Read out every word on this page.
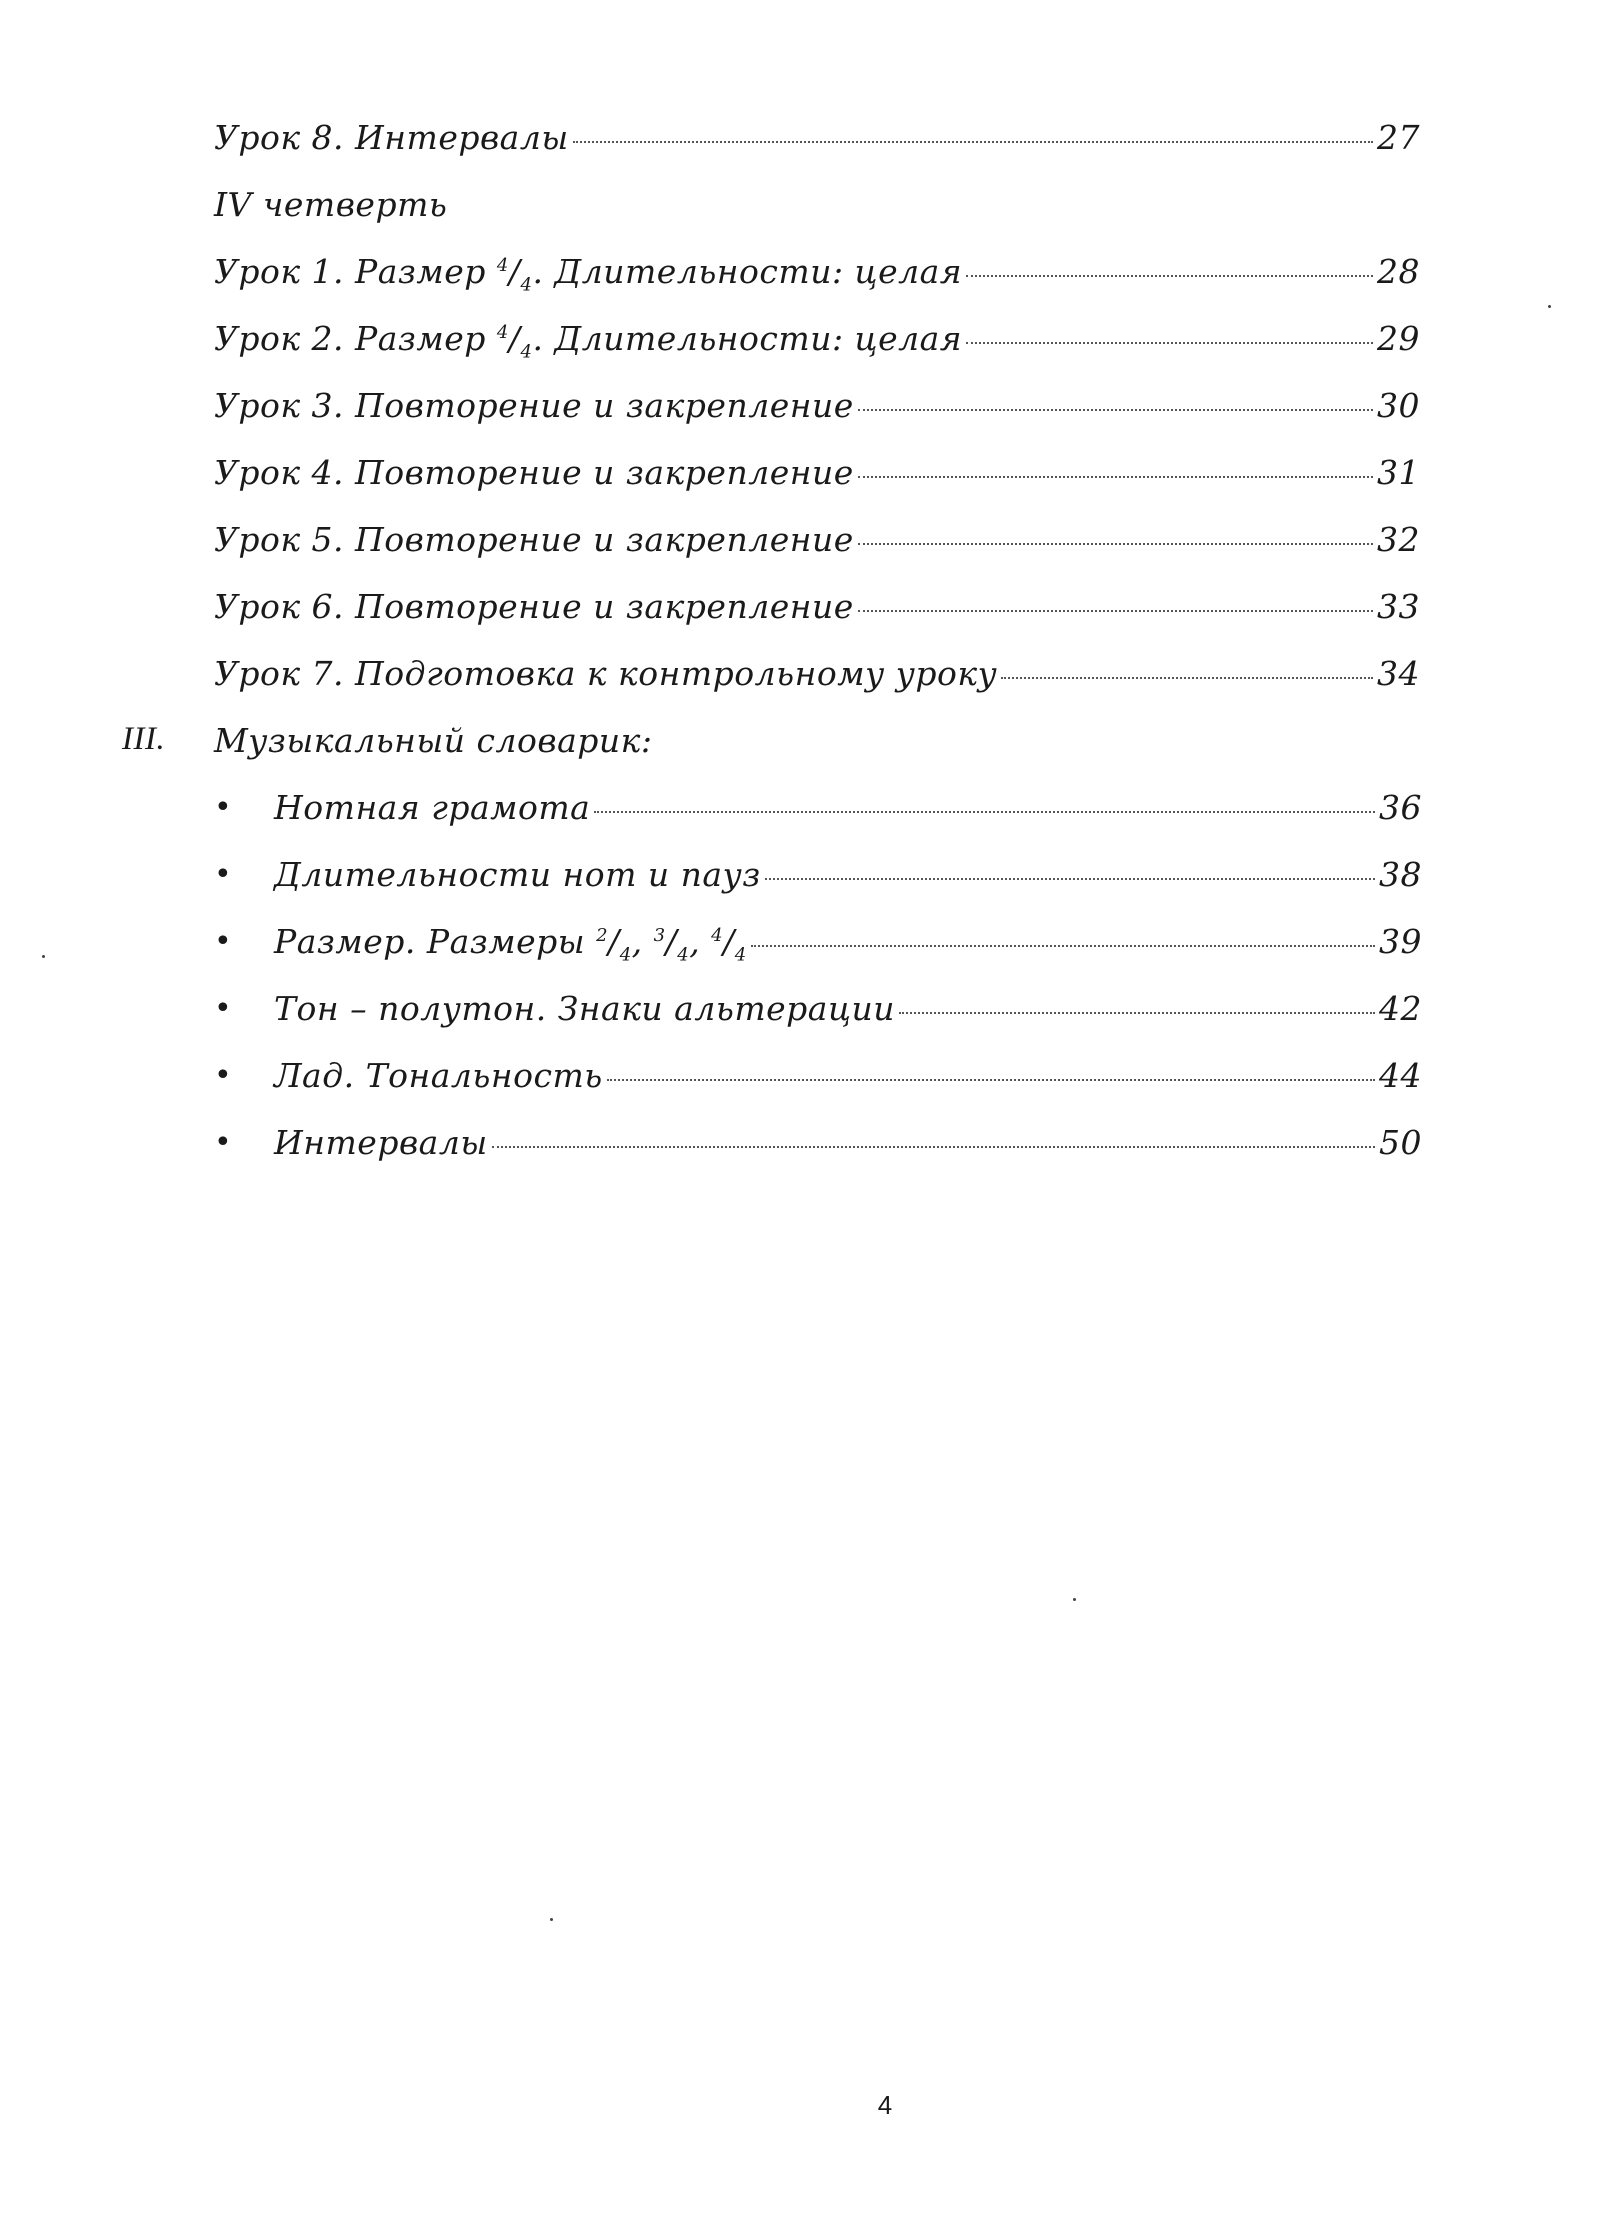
Урок 8. Интервалы	27
IV четверть
Урок 1. Размер $^4/_4$. Длительности: целая	28
Урок 2. Размер $^4/_4$. Длительности: целая	29
Урок 3. Повторение и закрепление	30
Урок 4. Повторение и закрепление	31
Урок 5. Повторение и закрепление	32
Урок 6. Повторение и закрепление	33
Урок 7. Подготовка к контрольному уроку	34
III. Музыкальный словарик:
• Нотная грамота	36
• Длительности нот и пауз	38
• Размер. Размеры $^2/_4$, $^3/_4$, $^4/_4$	39
• Тон – полутон. Знаки альтерации	42
• Лад. Тональность	44
• Интервалы	50
4
